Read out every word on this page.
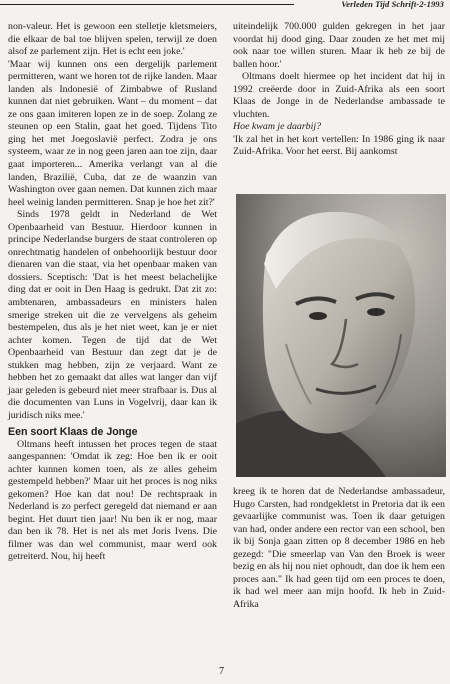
Verleden Tijd Schrift-2-1993

non-valeur. Het is gewoon een stelletje kletsmeiers, die elkaar de bal toe blijven spelen, terwijl ze doen alsof ze parlement zijn. Het is echt een joke.'

'Maar wij kunnen ons een dergelijk parlement permitteren, want we horen tot de rijke landen. Maar landen als Indonesië of Zimbabwe of Rusland kunnen dat niet gebruiken. Want – du moment – dat ze ons gaan imiteren lopen ze in de soep. Zolang ze steunen op een Stalin, gaat het goed. Tijdens Tito ging het met Joegoslavië perfect. Zodra je ons systeem, waar ze in nog geen jaren aan toe zijn, daar gaat importeren... Amerika verlangt van al die landen, Brazilië, Cuba, dat ze de waanzin van Washington over gaan nemen. Dat kunnen zich maar heel weinig landen permitteren. Snap je hoe het zit?'

Sinds 1978 geldt in Nederland de Wet Openbaarheid van Bestuur. Hierdoor kunnen in principe Nederlandse burgers de staat controleren op onrechtmatig handelen of onbehoorlijk bestuur door dienaren van die staat, via het openbaar maken van dossiers. Sceptisch: 'Dat is het meest belachelijke ding dat er ooit in Den Haag is gedrukt. Dat zit zo: ambtenaren, ambassadeurs en ministers halen smerige streken uit die ze vervelgens als geheim bestempelen, dus als je het niet weet, kan je er niet achter komen. Tegen de tijd dat de Wet Openbaarheid van Bestuur dan zegt dat je de stukken mag hebben, zijn ze verjaard. Want ze hebben het zo gemaakt dat alles wat langer dan vijf jaar geleden is gebeurd niet meer strafbaar is. Dus al die documenten van Luns in Vogelvrij, daar kan ik juridisch niks mee.'

Een soort Klaas de Jonge

Oltmans heeft intussen het proces tegen de staat aangespannen: 'Omdat ik zeg: Hoe ben ik er ooit achter kunnen komen toen, als ze alles geheim gestempeld hebben?' Maar uit het proces is nog niks gekomen? Hoe kan dat nou! De rechtspraak in Nederland is zo perfect geregeld dat niemand er aan begint. Het duurt tien jaar! Nu ben ik er nog, maar dan ben ik 78. Het is net als met Joris Ivens. Die filmer was dan wel communist, maar werd ook getreiterd. Nou, hij heeft

uiteindelijk 700.000 gulden gekregen in het jaar voordat hij dood ging. Daar zouden ze het met mij ook naar toe willen sturen. Maar ik heb ze bij de ballen hoor.'

Oltmans doelt hiermee op het incident dat hij in 1992 creëerde door in Zuid-Afrika als een soort Klaas de Jonge in de Nederlandse ambassade te vluchten.

Hoe kwam je daarbij?

'Ik zal het in het kort vertellen: In 1986 ging ik naar Zuid-Afrika. Voor het eerst. Bij aankomst

kreeg ik te horen dat de Nederlandse ambassadeur, Hugo Carsten, had rondgekletst in Pretoria dat ik een gevaarlijke communist was. Toen ik daar getuigen van had, onder andere een rector van een school, ben ik bij Sonja gaan zitten op 8 december 1986 en heb gezegd: "Die smeerlap van Van den Broek is weer bezig en als hij nou niet ophoudt, dan doe ik hem een proces aan." Ik had geen tijd om een proces te doen, ik had wel meer aan mijn hoofd. Ik heb in Zuid-Afrika

7
